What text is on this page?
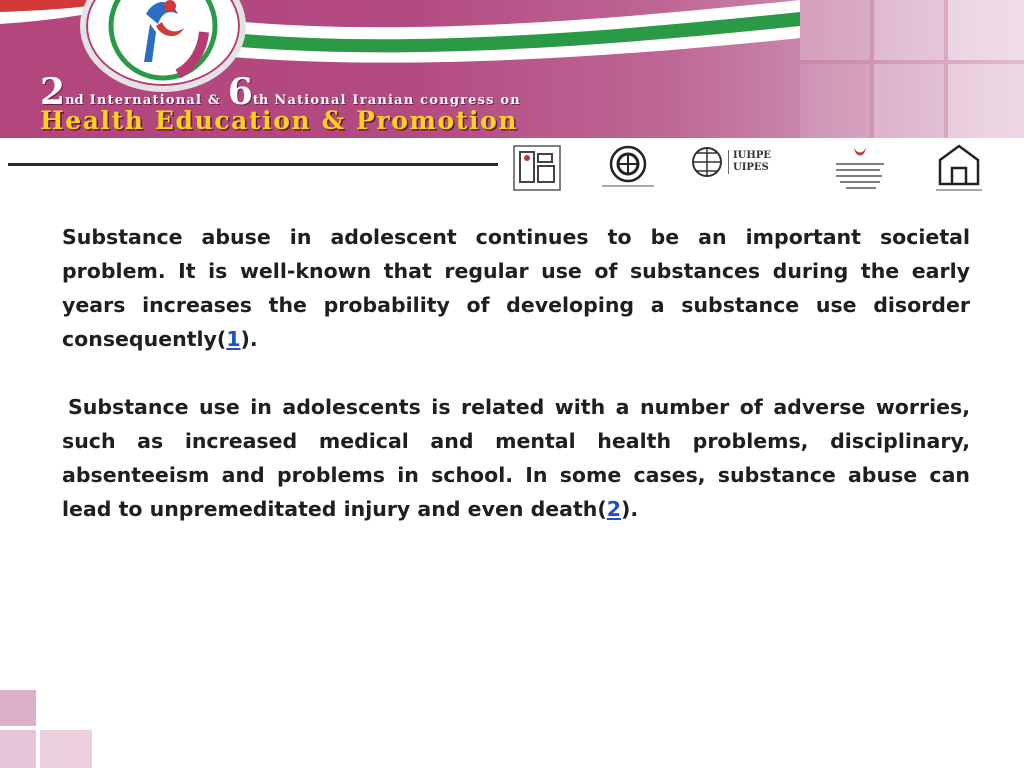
2 nd International & 6 th National Iranian congress on
Health Education & Promotion
IUHPE
UIPES

Substance abuse in adolescent continues to be an important societal problem. It is well-known that regular use of substances during the early years increases the probability of developing a substance use disorder consequently(1).

Substance use in adolescents is related with a number of adverse worries, such as increased medical and mental health problems, disciplinary, absenteeism and problems in school. In some cases, substance abuse can lead to unpremeditated injury and even death(2).
